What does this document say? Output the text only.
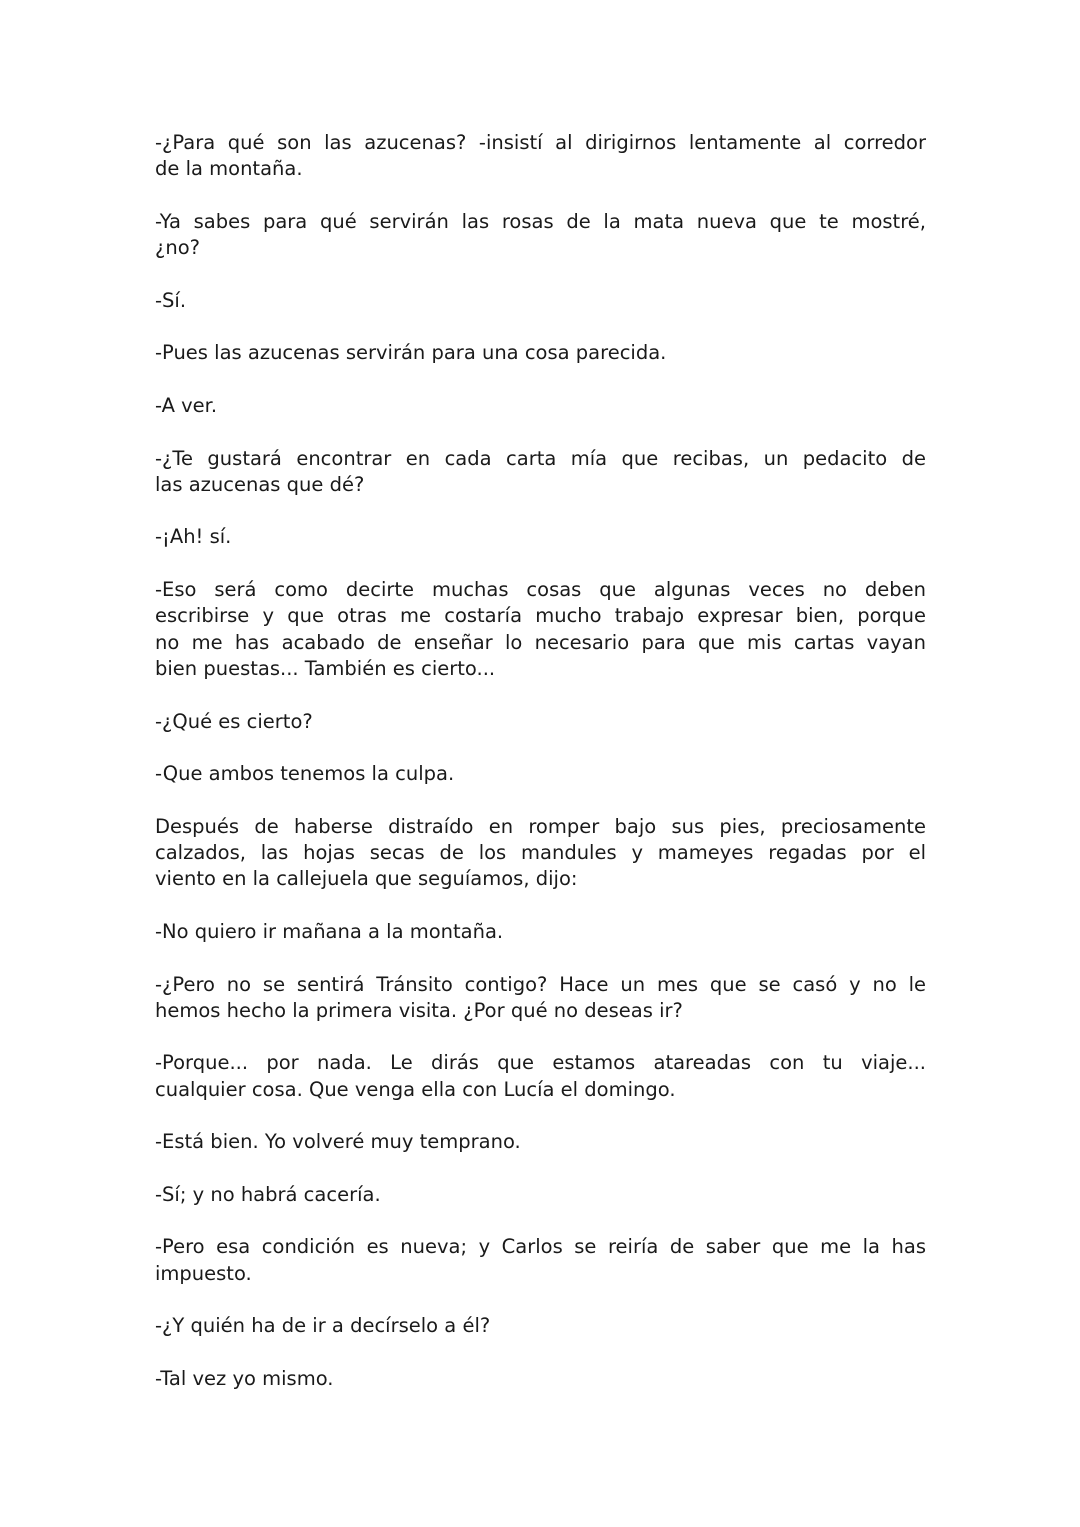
-¿Para qué son las azucenas? -insistí al dirigirnos lentamente al corredor
de la montaña.
-Ya sabes para qué servirán las rosas de la mata nueva que te mostré,
¿no?
-Sí.
-Pues las azucenas servirán para una cosa parecida.
-A ver.
-¿Te gustará encontrar en cada carta mía que recibas, un pedacito de
las azucenas que dé?
-¡Ah! sí.
-Eso será como decirte muchas cosas que algunas veces no deben
escribirse y que otras me costaría mucho trabajo expresar bien, porque
no me has acabado de enseñar lo necesario para que mis cartas vayan
bien puestas... También es cierto...
-¿Qué es cierto?
-Que ambos tenemos la culpa.
Después de haberse distraído en romper bajo sus pies, preciosamente
calzados, las hojas secas de los mandules y mameyes regadas por el
viento en la callejuela que seguíamos, dijo:
-No quiero ir mañana a la montaña.
-¿Pero no se sentirá Tránsito contigo? Hace un mes que se casó y no le
hemos hecho la primera visita. ¿Por qué no deseas ir?
-Porque... por nada. Le dirás que estamos atareadas con tu viaje...
cualquier cosa. Que venga ella con Lucía el domingo.
-Está bien. Yo volveré muy temprano.
-Sí; y no habrá cacería.
-Pero esa condición es nueva; y Carlos se reiría de saber que me la has
impuesto.
-¿Y quién ha de ir a decírselo a él?
-Tal vez yo mismo.
